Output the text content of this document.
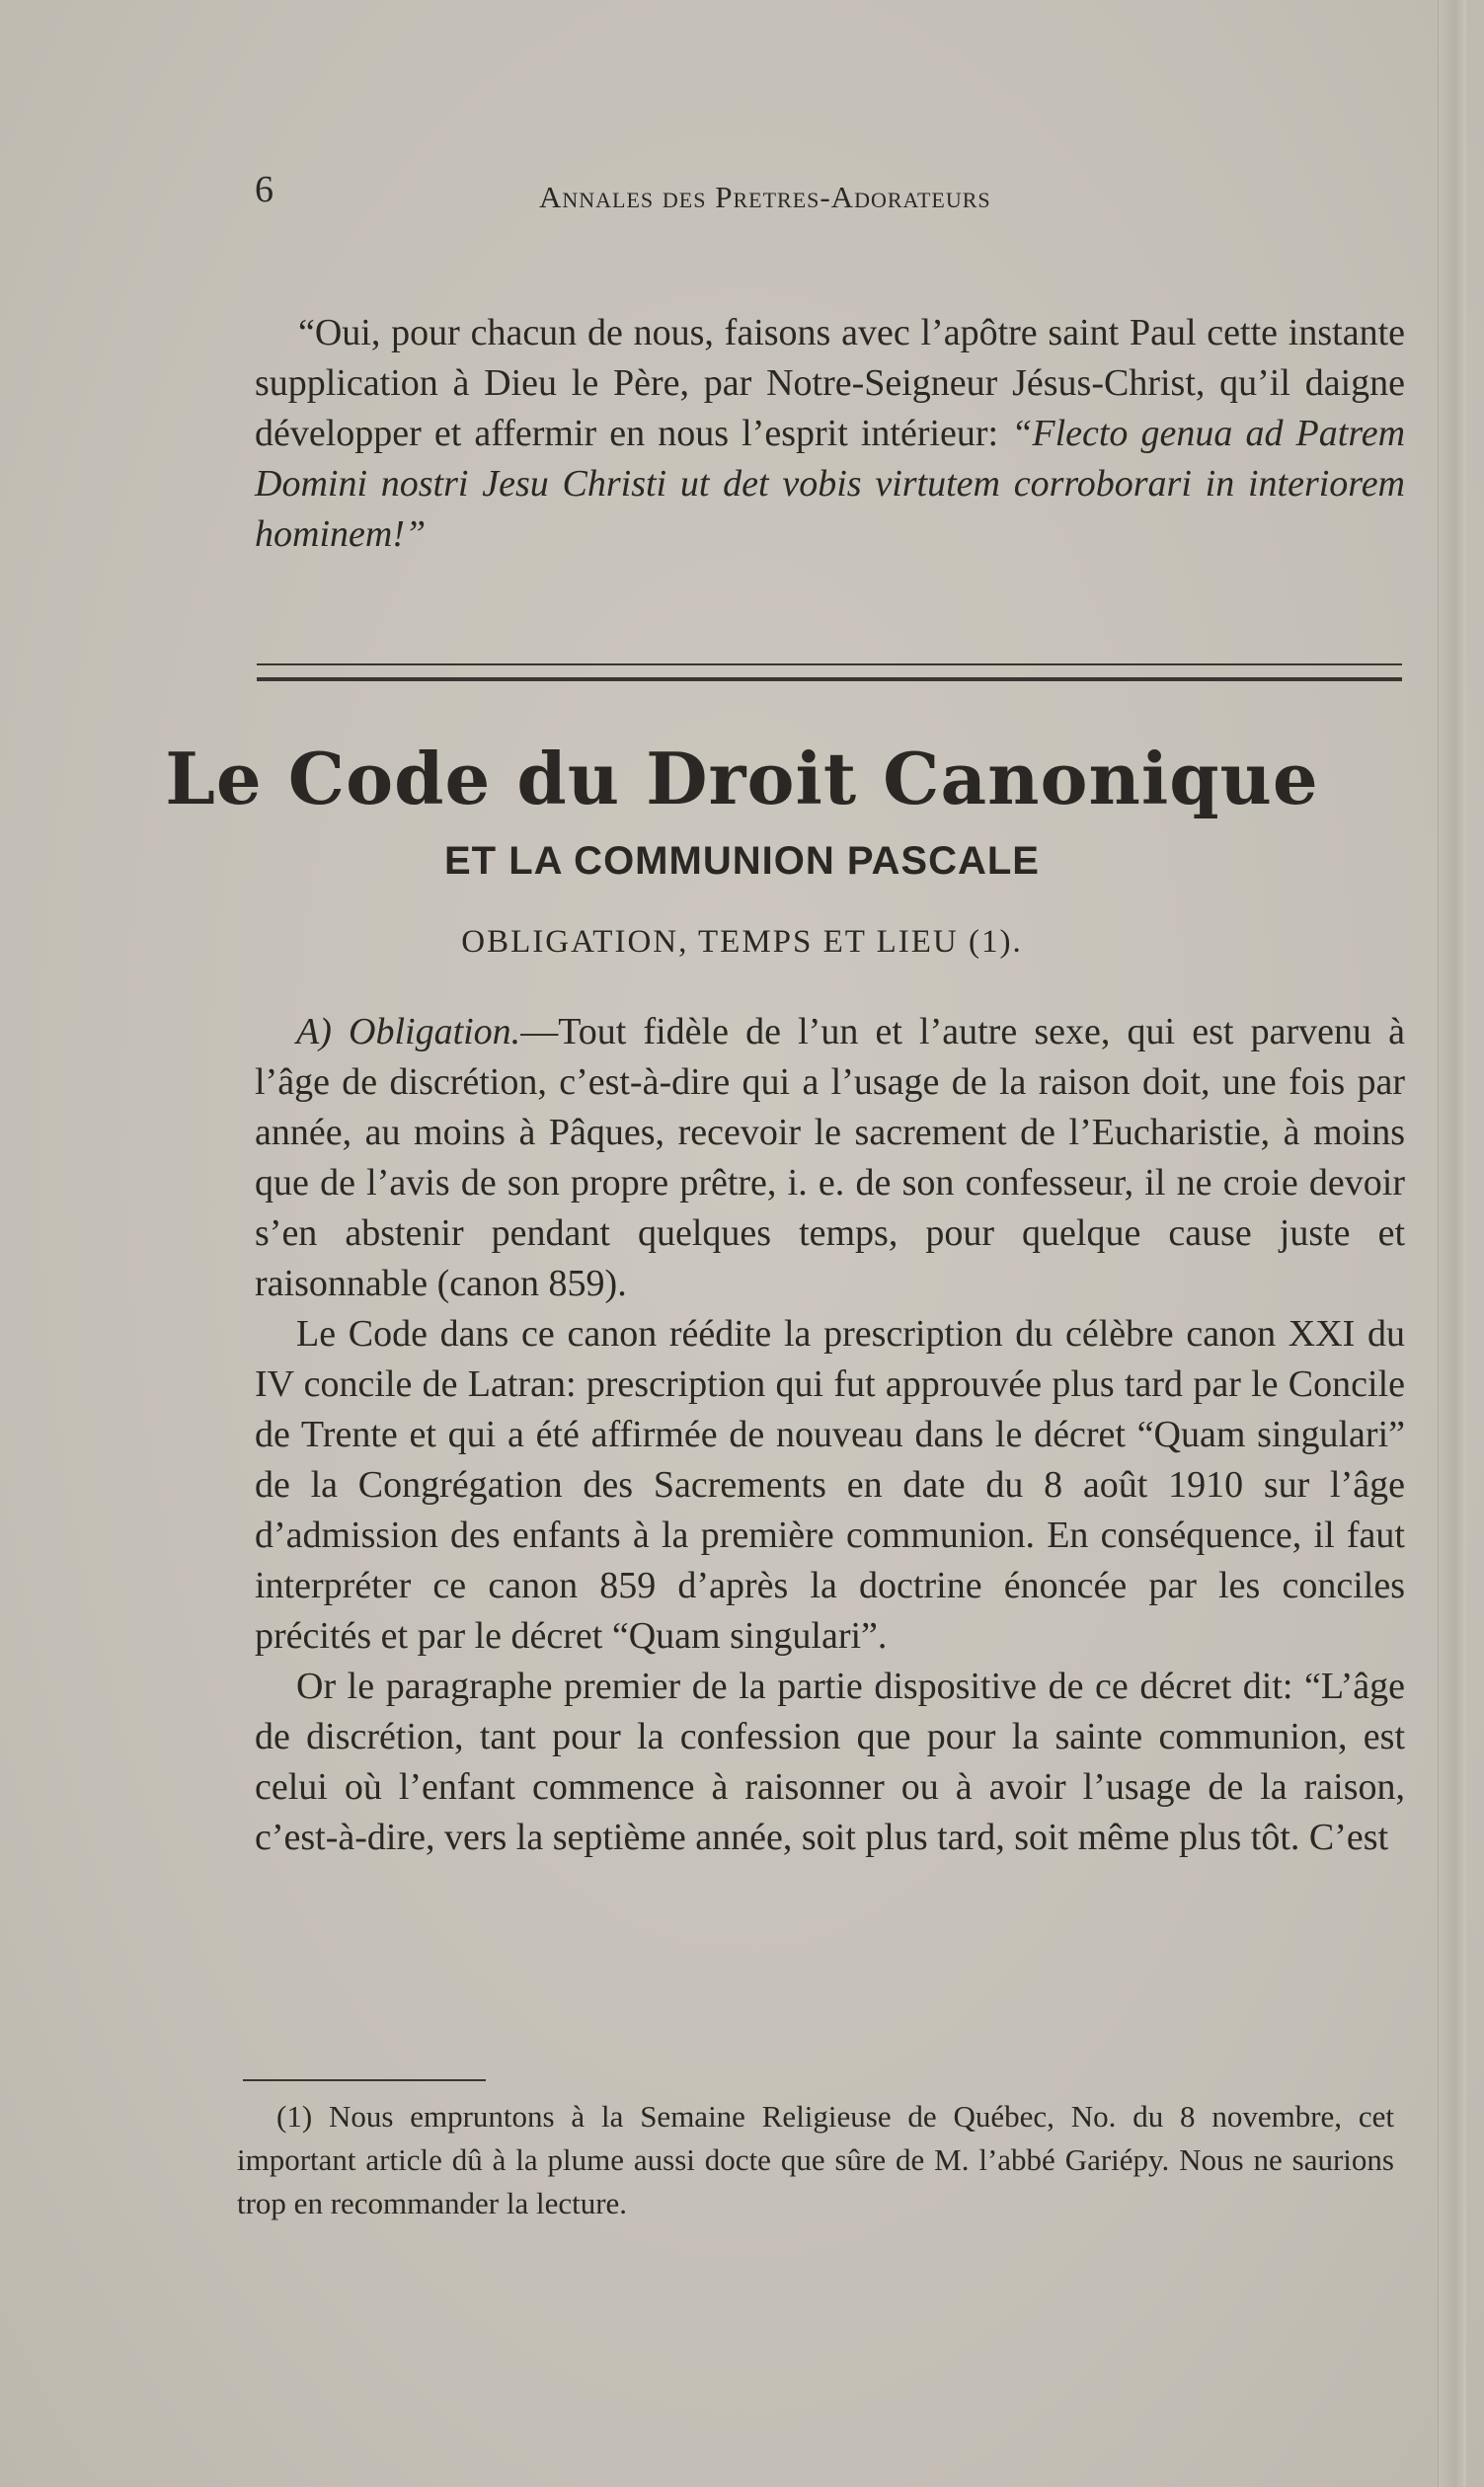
6	Annales des Pretres-Adorateurs

“Oui, pour chacun de nous, faisons avec l’apôtre saint Paul cette instante supplication à Dieu le Père, par Notre-Seigneur Jésus-Christ, qu’il daigne développer et affermir en nous l’esprit intérieur: “Flecto genua ad Patrem Domini nostri Jesu Christi ut det vobis virtutem corroborari in interiorem hominem!”

Le Code du Droit Canonique
ET LA COMMUNION PASCALE
OBLIGATION, TEMPS ET LIEU (1).

A) Obligation.—Tout fidèle de l’un et l’autre sexe, qui est parvenu à l’âge de discrétion, c’est-à-dire qui a l’usage de la raison doit, une fois par année, au moins à Pâques, recevoir le sacrement de l’Eucharistie, à moins que de l’avis de son propre prêtre, i. e. de son confesseur, il ne croie devoir s’en abstenir pendant quelques temps, pour quelque cause juste et raisonnable (canon 859).

Le Code dans ce canon réédite la prescription du célèbre canon XXI du IV concile de Latran: prescription qui fut approuvée plus tard par le Concile de Trente et qui a été affirmée de nouveau dans le décret “Quam singulari” de la Congrégation des Sacrements en date du 8 août 1910 sur l’âge d’admission des enfants à la première communion. En conséquence, il faut interpréter ce canon 859 d’après la doctrine énoncée par les conciles précités et par le décret “Quam singulari”.

Or le paragraphe premier de la partie dispositive de ce décret dit: “L’âge de discrétion, tant pour la confession que pour la sainte communion, est celui où l’enfant commence à raisonner ou à avoir l’usage de la raison, c’est-à-dire, vers la septième année, soit plus tard, soit même plus tôt. C’est

(1) Nous empruntons à la Semaine Religieuse de Québec, No. du 8 novembre, cet important article dû à la plume aussi docte que sûre de M. l’abbé Gariépy. Nous ne saurions trop en recommander la lecture.
